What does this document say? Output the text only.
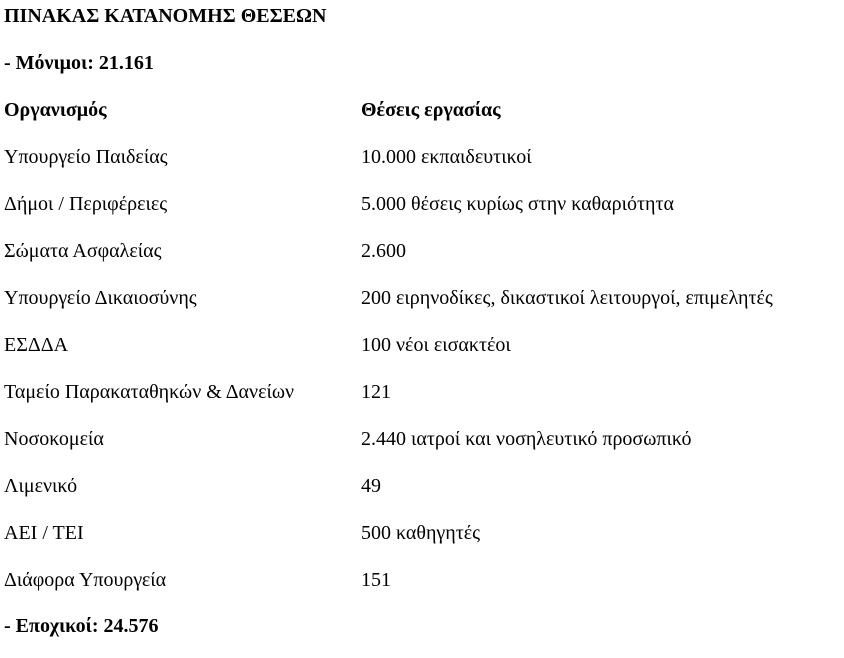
ΠΙΝΑΚΑΣ ΚΑΤΑΝΟΜΗΣ ΘΕΣΕΩΝ
- Μόνιμοι: 21.161
Οργανισμός	Θέσεις εργασίας
Υπουργείο Παιδείας	10.000 εκπαιδευτικοί
Δήμοι / Περιφέρειες	5.000 θέσεις κυρίως στην καθαριότητα
Σώματα Ασφαλείας	2.600
Υπουργείο Δικαιοσύνης	200 ειρηνοδίκες, δικαστικοί λειτουργοί, επιμελητές
ΕΣΔΔΑ	100 νέοι εισακτέοι
Ταμείο Παρακαταθηκών & Δανείων	121
Νοσοκομεία	2.440 ιατροί και νοσηλευτικό προσωπικό
Λιμενικό	49
ΑΕΙ / ΤΕΙ	500 καθηγητές
Διάφορα Υπουργεία	151
- Εποχικοί: 24.576
